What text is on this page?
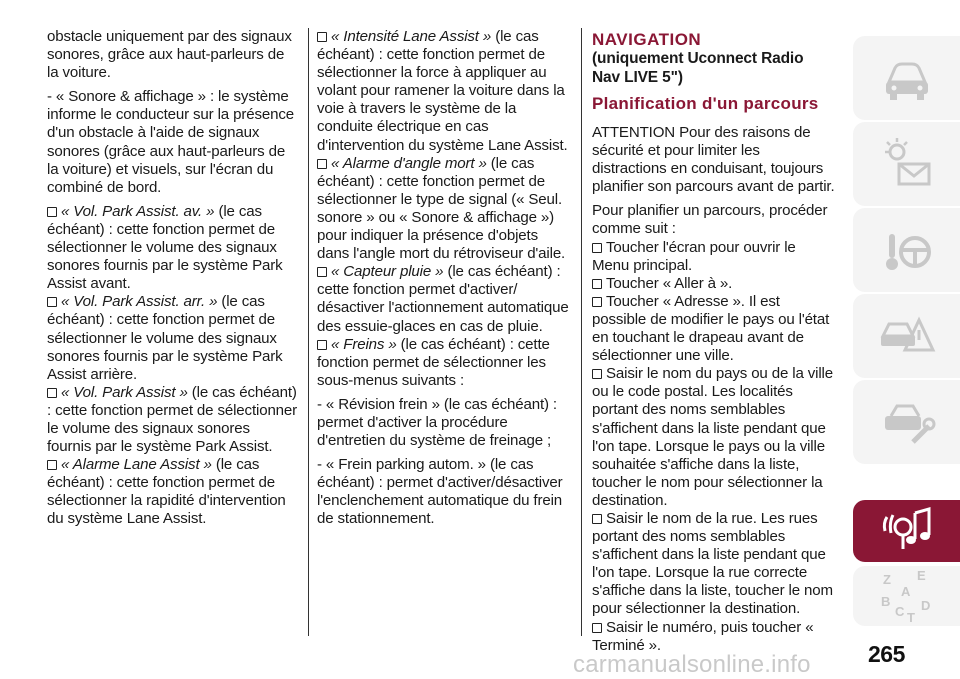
obstacle uniquement par des signaux sonores, grâce aux haut-parleurs de la voiture.

- « Sonore & affichage » : le système informe le conducteur sur la présence d'un obstacle à l'aide de signaux sonores (grâce aux haut-parleurs de la voiture) et visuels, sur l'écran du combiné de bord.

« Vol. Park Assist. av. » (le cas échéant) : cette fonction permet de sélectionner le volume des signaux sonores fournis par le système Park Assist avant.

« Vol. Park Assist. arr. » (le cas échéant) : cette fonction permet de sélectionner le volume des signaux sonores fournis par le système Park Assist arrière.

« Vol. Park Assist » (le cas échéant) : cette fonction permet de sélectionner le volume des signaux sonores fournis par le système Park Assist.

« Alarme Lane Assist » (le cas échéant) : cette fonction permet de sélectionner la rapidité d'intervention du système Lane Assist.

« Intensité Lane Assist » (le cas échéant) : cette fonction permet de sélectionner la force à appliquer au volant pour ramener la voiture dans la voie à travers le système de la conduite électrique en cas d'intervention du système Lane Assist.

« Alarme d'angle mort » (le cas échéant) : cette fonction permet de sélectionner le type de signal (« Seul. sonore » ou « Sonore & affichage ») pour indiquer la présence d'objets dans l'angle mort du rétroviseur d'aile.

« Capteur pluie » (le cas échéant) : cette fonction permet d'activer/ désactiver l'actionnement automatique des essuie-glaces en cas de pluie.

« Freins » (le cas échéant) : cette fonction permet de sélectionner les sous-menus suivants :

- « Révision frein » (le cas échéant) : permet d'activer la procédure d'entretien du système de freinage ;

- « Frein parking autom. » (le cas échéant) : permet d'activer/désactiver l'enclenchement automatique du frein de stationnement.

NAVIGATION
(uniquement Uconnect Radio Nav LIVE 5")
Planification d'un parcours

ATTENTION Pour des raisons de sécurité et pour limiter les distractions en conduisant, toujours planifier son parcours avant de partir.

Pour planifier un parcours, procéder comme suit :

Toucher l'écran pour ouvrir le Menu principal.

Toucher « Aller à ».

Toucher « Adresse ». Il est possible de modifier le pays ou l'état en touchant le drapeau avant de sélectionner une ville.

Saisir le nom du pays ou de la ville ou le code postal. Les localités portant des noms semblables s'affichent dans la liste pendant que l'on tape. Lorsque le pays ou la ville souhaitée s'affiche dans la liste, toucher le nom pour sélectionner la destination.

Saisir le nom de la rue. Les rues portant des noms semblables s'affichent dans la liste pendant que l'on tape. Lorsque la rue correcte s'affiche dans la liste, toucher le nom pour sélectionner la destination.

Saisir le numéro, puis toucher « Terminé ».

Z E
A
B D
C T
265
carmanualsonline.info
